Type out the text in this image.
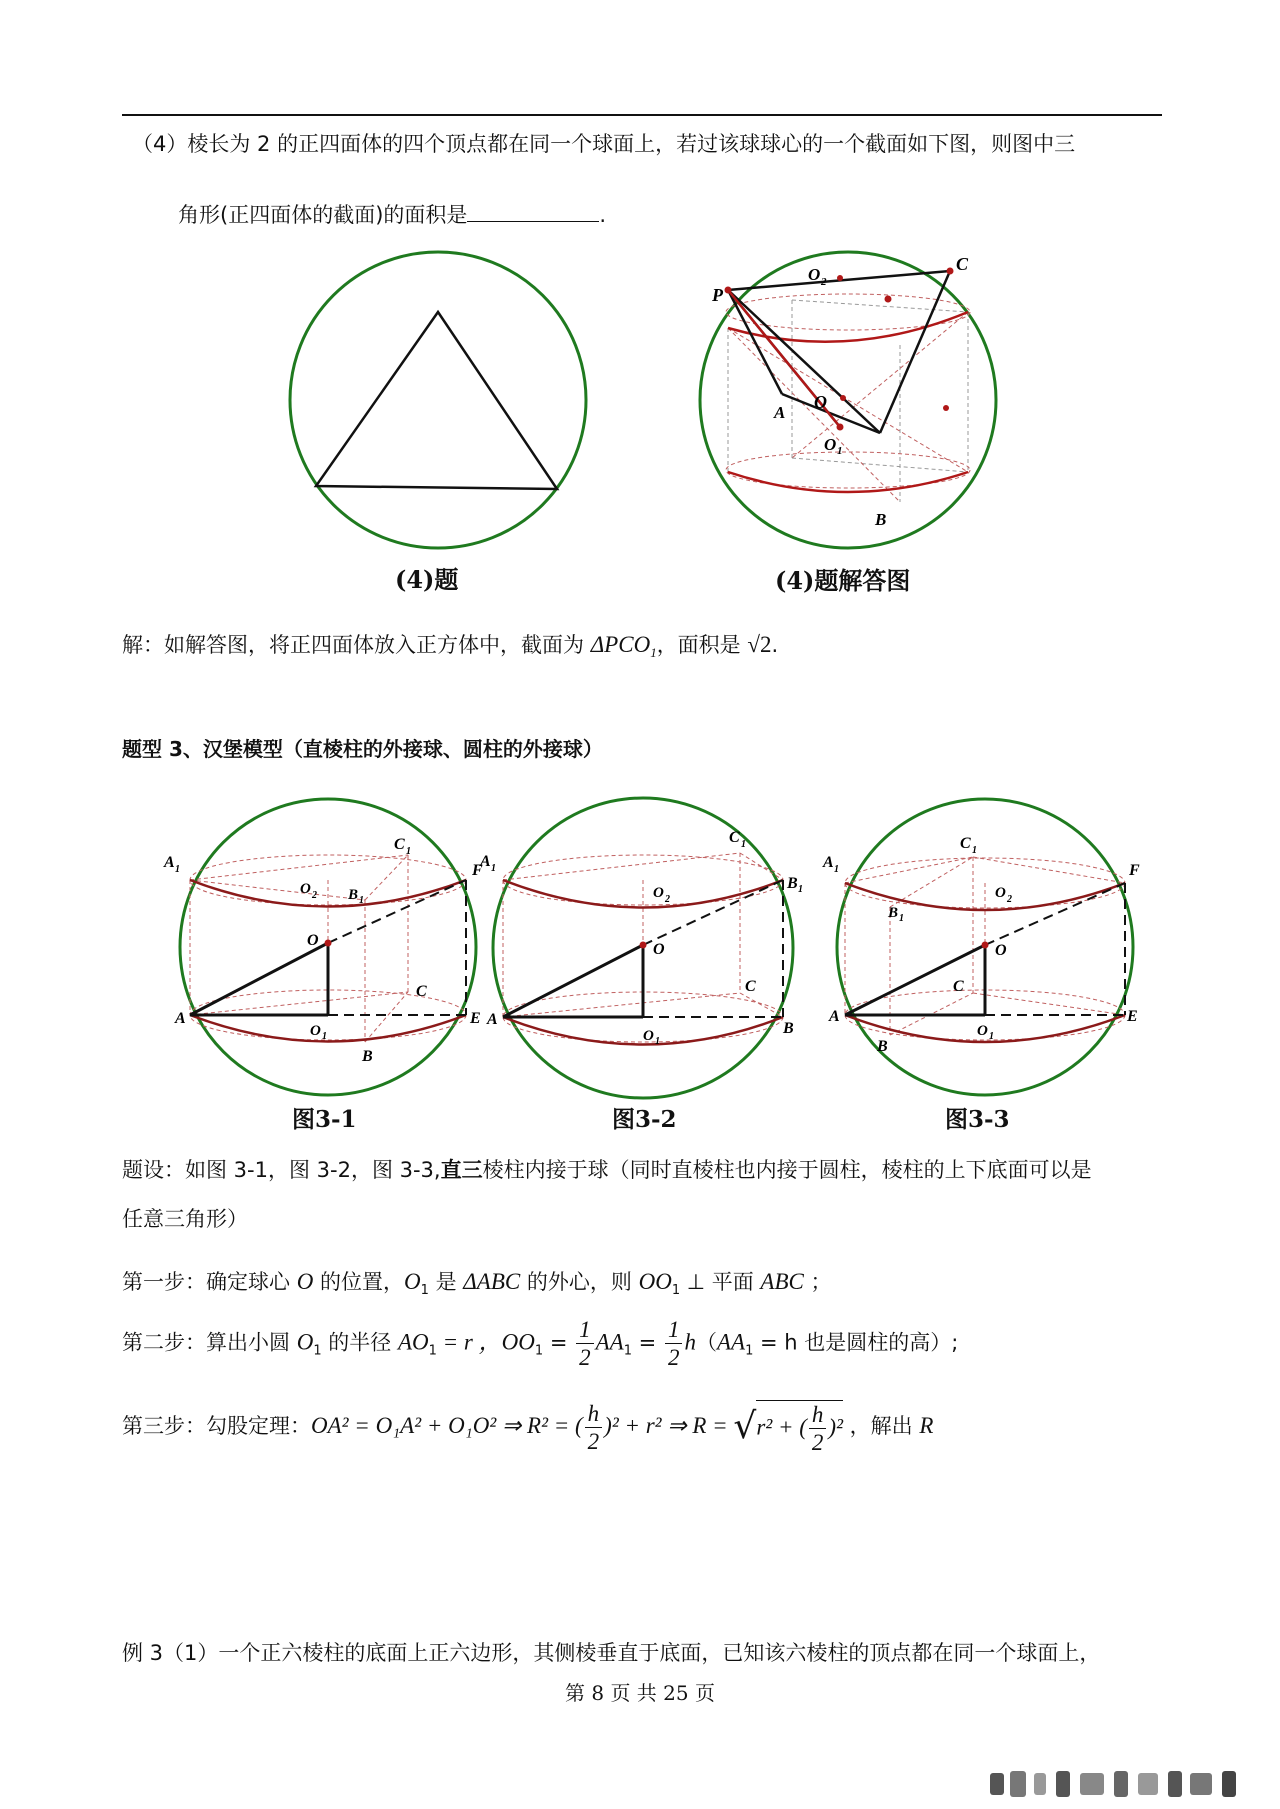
（4）棱长为 2 的正四面体的四个顶点都在同一个球面上，若过该球球心的一个截面如下图，则图中三
角形(正四面体的截面)的面积是	.
(4)题
P
C
O 2
O
A
O 1
B
(4)题解答图
解：如解答图，将正四面体放入正方体中，截面为 $\Delta PCO_1$，面积是 √2.
题型 3、汉堡模型（直棱柱的外接球、圆柱的外接球）
A 1
C 1
F
O 2 B 1
O
C
A
O 1
E
B
图3-1
A 1
C 1
O 2
B 1
O
C
A
O 1
B
图3-2
A 1
C 1
F
O 2
B 1
O
C
A
O 1
E
B
图3-3
题设：如图 3-1，图 3-2，图 3-3,直三棱柱内接于球（同时直棱柱也内接于圆柱，棱柱的上下底面可以是
任意三角形）
第一步：确定球心 O 的位置，$O_1$ 是 ΔABC 的外心，则 $OO_1$ ⊥ 平面 ABC ；
第二步：算出小圆 $O_1$ 的半径 $AO_1 = r$ ，$OO_1 = \frac{1}{2} AA_1 = \frac{1}{2} h(AA_1 = h$ 也是圆柱的高）;
第三步：勾股定理：OA² = O₁A² + O₁O² ⇒ R² = ( $\frac{h}{2} )^2 + r^2$ ⇒ R = √r² + ( $\frac{h}{2} )^2$ ，解出 R
例 3（1）一个正六棱柱的底面上正六边形，其侧棱垂直于底面，已知该六棱柱的顶点都在同一个球面上，
第 8 页 共 25 页
